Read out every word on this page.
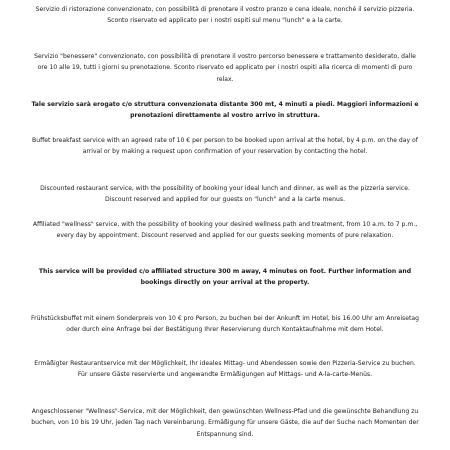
Servizio di ristorazione convenzionato, con possibilità di prenotare il vostro pranzo e cena ideale, nonché il servizio pizzeria. Sconto riservato ed applicato per i nostri ospiti sul menu "lunch" e a la carte.

Servizio "benessere" convenzionato, con possibilità di prenotare il vostro percorso benessere e trattamento desiderato, dalle ore 10 alle 19, tutti i giorni su prenotazione. Sconto riservato ed applicato per i nostri ospiti alla ricerca di momenti di puro relax.

Tale servizio sarà erogato c/o struttura convenzionata distante 300 mt, 4 minuti a piedi. Maggiori informazioni e prenotazioni direttamente al vostro arrivo in struttura.

Buffet breakfast service with an agreed rate of 10 € per person to be booked upon arrival at the hotel, by 4 p.m. on the day of arrival or by making a request upon confirmation of your reservation by contacting the hotel.

Discounted restaurant service, with the possibility of booking your ideal lunch and dinner, as well as the pizzeria service. Discount reserved and applied for our guests on "lunch" and a la carte menus.

Affiliated "wellness" service, with the possibility of booking your desired wellness path and treatment, from 10 a.m. to 7 p.m., every day by appointment. Discount reserved and applied for our guests seeking moments of pure relaxation.

This service will be provided c/o affiliated structure 300 m away, 4 minutes on foot. Further information and bookings directly on your arrival at the property.

Frühstücksbuffet mit einem Sonderpreis von 10 € pro Person, zu buchen bei der Ankunft im Hotel, bis 16.00 Uhr am Anreisetag oder durch eine Anfrage bei der Bestätigung Ihrer Reservierung durch Kontaktaufnahme mit dem Hotel.

Ermäßigter Restaurantservice mit der Möglichkeit, Ihr ideales Mittag- und Abendessen sowie den Pizzeria-Service zu buchen. Für unsere Gäste reservierte und angewandte Ermäßigungen auf Mittags- und A-la-carte-Menüs.

Angeschlossener "Wellness"-Service, mit der Möglichkeit, den gewünschten Wellness-Pfad und die gewünschte Behandlung zu buchen, von 10 bis 19 Uhr, jeden Tag nach Vereinbarung. Ermäßigung für unsere Gäste, die auf der Suche nach Momenten der Entspannung sind.
